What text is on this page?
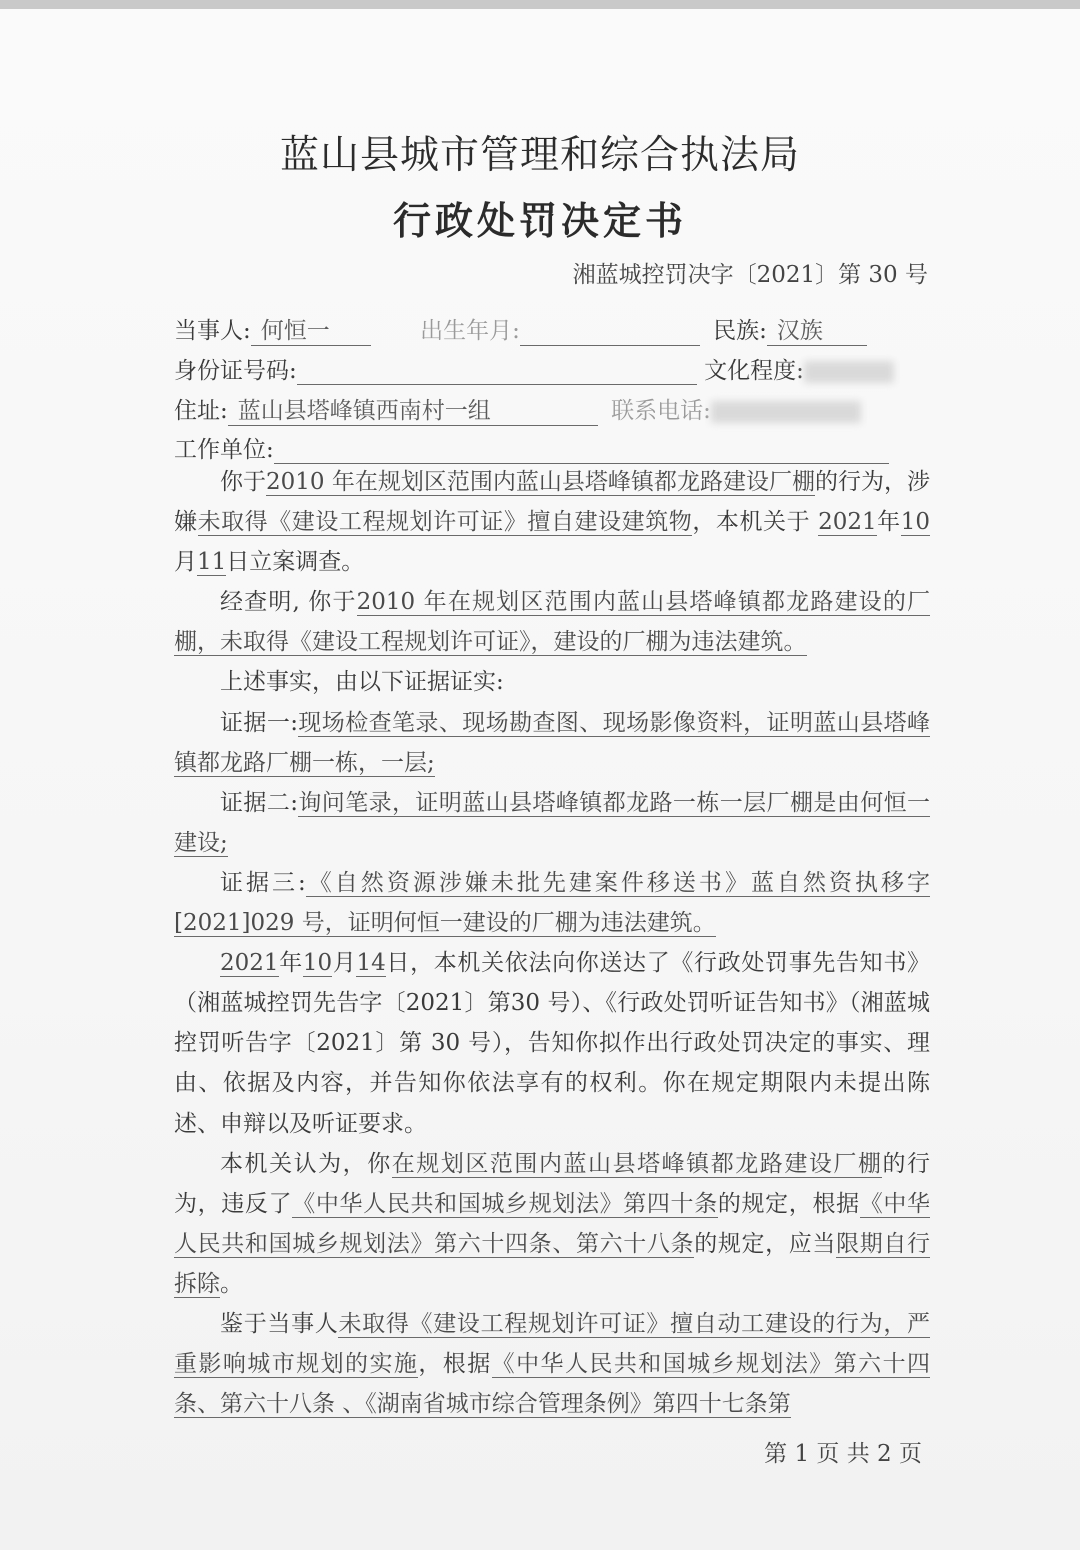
蓝山县城市管理和综合执法局
行政处罚决定书
湘蓝城控罚决字〔2021〕第 30 号
当事人: 何恒一	出生年月:	民族: 汉族
身份证号码:	文化程度:
住址: 蓝山县塔峰镇西南村一组	联系电话:
工作单位:

你于2010 年在规划区范围内蓝山县塔峰镇都龙路建设厂棚的行为，涉嫌未取得《建设工程规划许可证》擅自建设建筑物，本机关于 2021年10月11日立案调查。

经查明, 你于2010 年在规划区范围内蓝山县塔峰镇都龙路建设的厂棚，未取得《建设工程规划许可证》，建设的厂棚为违法建筑。

上述事实，由以下证据证实:

证据一:现场检查笔录、现场勘查图、现场影像资料，证明蓝山县塔峰镇都龙路厂棚一栋，一层;

证据二:询问笔录，证明蓝山县塔峰镇都龙路一栋一层厂棚是由何恒一建设;

证据三:《自然资源涉嫌未批先建案件移送书》蓝自然资执移字[2021]029 号，证明何恒一建设的厂棚为违法建筑。

2021年10月14日，本机关依法向你送达了《行政处罚事先告知书》（湘蓝城控罚先告字〔2021〕第30 号）、《行政处罚听证告知书》（湘蓝城控罚听告字〔2021〕第 30 号），告知你拟作出行政处罚决定的事实、理由、依据及内容，并告知你依法享有的权利。你在规定期限内未提出陈述、申辩以及听证要求。

本机关认为，你在规划区范围内蓝山县塔峰镇都龙路建设厂棚的行为，违反了《中华人民共和国城乡规划法》第四十条的规定，根据《中华人民共和国城乡规划法》第六十四条、第六十八条的规定，应当限期自行拆除。

鉴于当事人未取得《建设工程规划许可证》擅自动工建设的行为，严重影响城市规划的实施，根据《中华人民共和国城乡规划法》第六十四条、第六十八条 、《湖南省城市综合管理条例》第四十七条第

第 1 页 共 2 页
